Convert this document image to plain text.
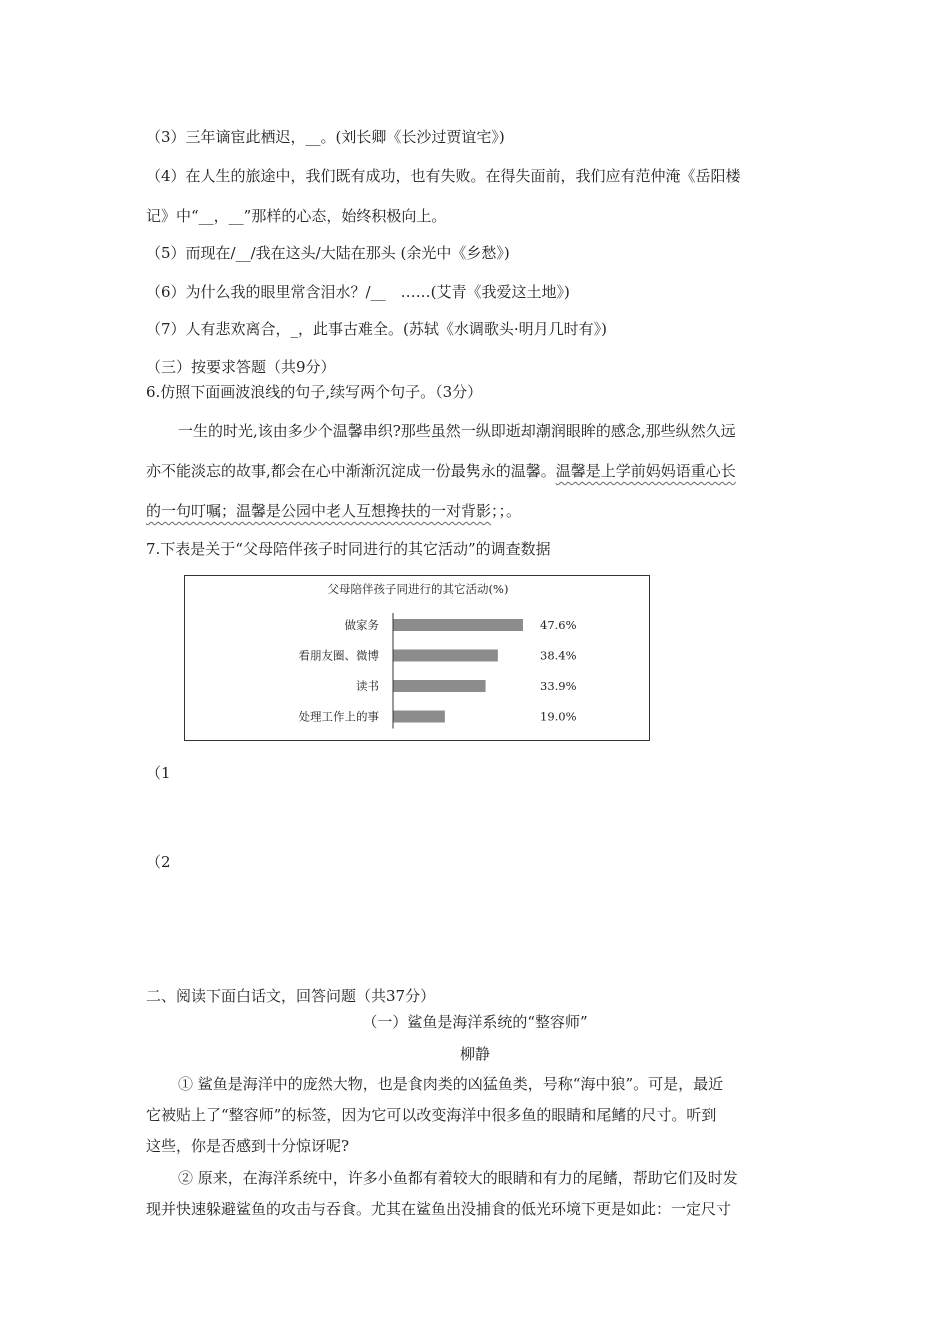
（3）三年谪宦此栖迟，__。(刘长卿《长沙过贾谊宅》)
（4）在人生的旅途中，我们既有成功，也有失败。在得失面前，我们应有范仲淹《岳阳楼
记》中“__，__”那样的心态，始终积极向上。
（5）而现在/__/我在这头/大陆在那头 (余光中《乡愁》)
（6）为什么我的眼里常含泪水？/__　……(艾青《我爱这土地》)
（7）人有悲欢离合，_，此事古难全。(苏轼《水调歌头·明月几时有》)
（三）按要求答题（共9分）
6.仿照下面画波浪线的句子,续写两个句子。（3分）
一生的时光,该由多少个温馨串织?那些虽然一纵即逝却潮润眼眸的感念,那些纵然久远
亦不能淡忘的故事,都会在心中渐渐沉淀成一份最隽永的温馨。温馨是上学前妈妈语重心长
的一句叮嘱；温馨是公园中老人互想搀扶的一对背影；；。
7.下表是关于“父母陪伴孩子时同进行的其它活动”的调查数据
父母陪伴孩子同进行的其它活动(%)
做家务	47.6%
看朋友圈、微博	38.4%
读书	33.9%
处理工作上的事	19.0%
（1
（2
二、阅读下面白话文，回答问题（共37分）
（一）鲨鱼是海洋系统的“整容师”
柳静
① 鲨鱼是海洋中的庞然大物，也是食肉类的凶猛鱼类，号称“海中狼”。可是，最近
它被贴上了“整容师”的标签，因为它可以改变海洋中很多鱼的眼睛和尾鳍的尺寸。听到
这些，你是否感到十分惊讶呢?
② 原来，在海洋系统中，许多小鱼都有着较大的眼睛和有力的尾鳍，帮助它们及时发
现并快速躲避鲨鱼的攻击与吞食。尤其在鲨鱼出没捕食的低光环境下更是如此：一定尺寸
